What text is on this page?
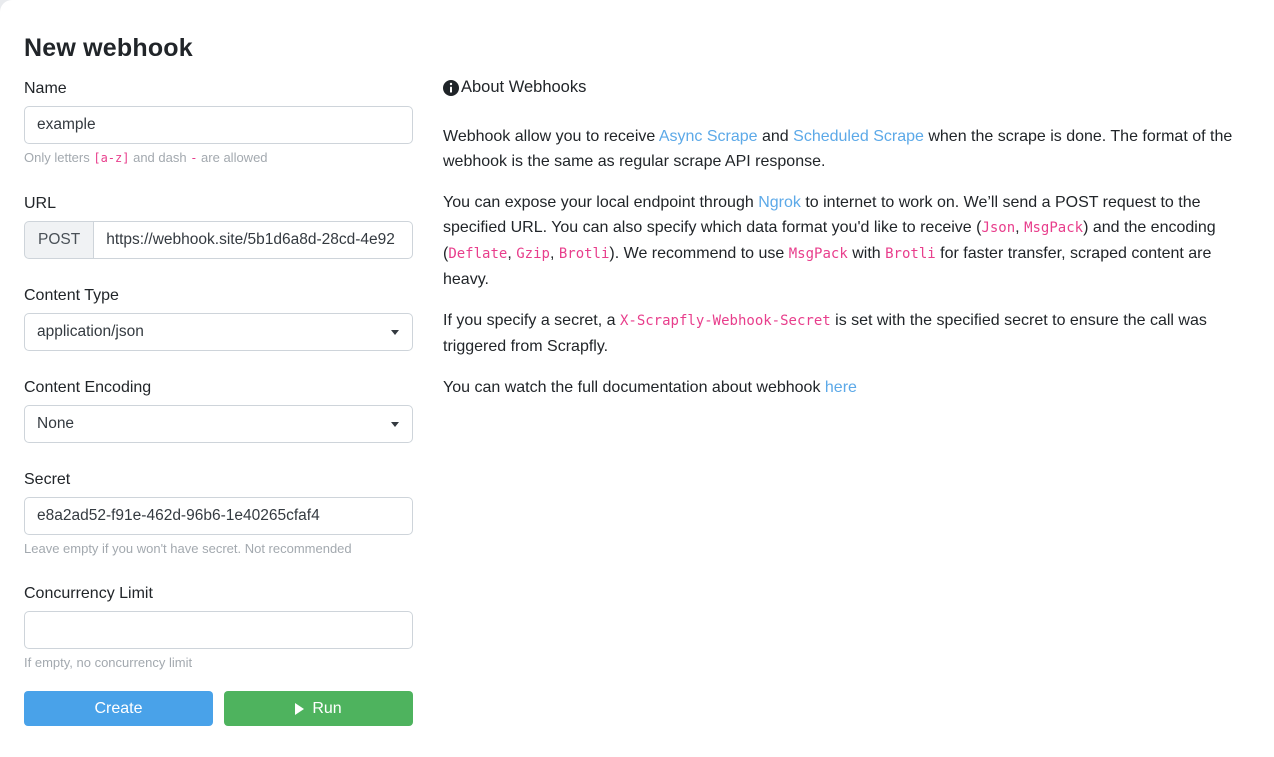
New webhook
Name
example
Only letters [a-z] and dash - are allowed
URL
POST
https://webhook.site/5b1d6a8d-28cd-4e92
Content Type
application/json
Content Encoding
None
Secret
e8a2ad52-f91e-462d-96b6-1e40265cfaf4
Leave empty if you won't have secret. Not recommended
Concurrency Limit
If empty, no concurrency limit
Create	Run
About Webhooks

Webhook allow you to receive Async Scrape and Scheduled Scrape when the scrape is done. The format of the webhook is the same as regular scrape API response.

You can expose your local endpoint through Ngrok to internet to work on. We’ll send a POST request to the specified URL. You can also specify which data format you'd like to receive (Json, MsgPack) and the encoding (Deflate, Gzip, Brotli). We recommend to use MsgPack with Brotli for faster transfer, scraped content are heavy.

If you specify a secret, a X-Scrapfly-Webhook-Secret is set with the specified secret to ensure the call was triggered from Scrapfly.

You can watch the full documentation about webhook here
